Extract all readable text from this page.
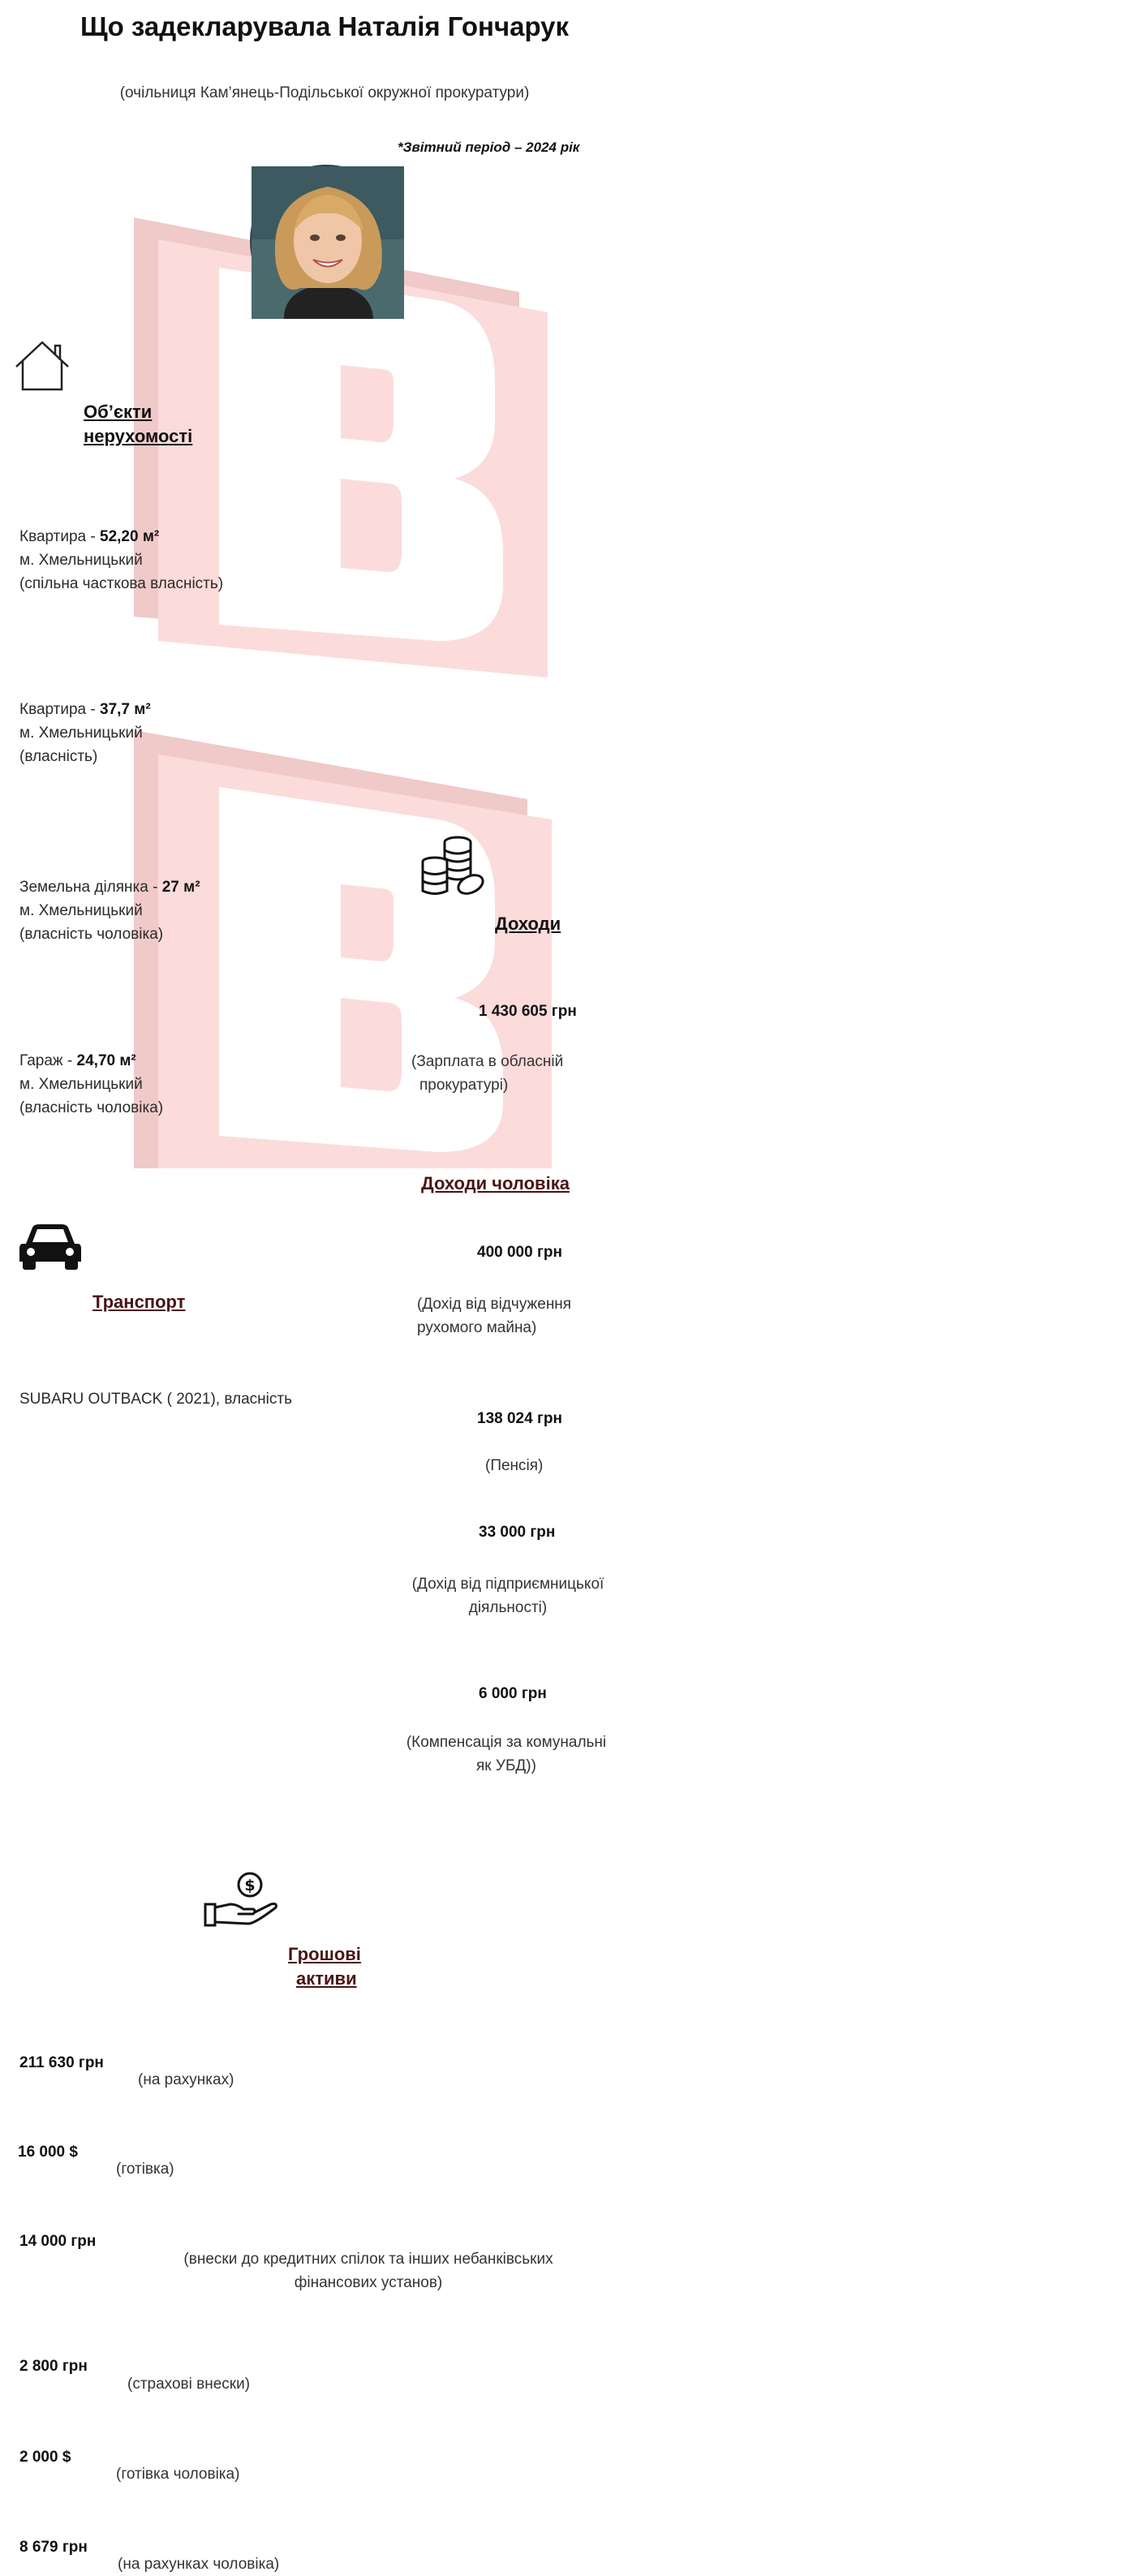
Що задекларувала Наталія Гончарук
(очільниця Кам’янець-Подільської окружної прокуратури)
*Звітний період – 2024 рік
Об’єкти
нерухомості
Квартира - 52,20 м²
м. Хмельницький
(спільна часткова власність)
Квартира - 37,7 м²
м. Хмельницький
(власність)
Земельна ділянка - 27 м²
м. Хмельницький
(власність чоловіка)
Гараж - 24,70 м²
м. Хмельницький
(власність чоловіка)
Транспорт
SUBARU OUTBACK ( 2021), власність
Доходи
1 430 605 грн
(Зарплата в обласній
прокуратурі)
Доходи чоловіка
400 000 грн
(Дохід від відчуження
рухомого майна)
138 024 грн
(Пенсія)
33 000 грн
(Дохід від підприємницької
діяльності)
6 000 грн
(Компенсація за комунальні
як УБД))
$
Грошові
активи
211 630 грн
(на рахунках)
16 000 $
(готівка)
14 000 грн
(внески до кредитних спілок та інших небанківських
фінансових установ)
2 800 грн
(страхові внески)
2 000 $
(готівка чоловіка)
8 679 грн
(на рахунках чоловіка)
